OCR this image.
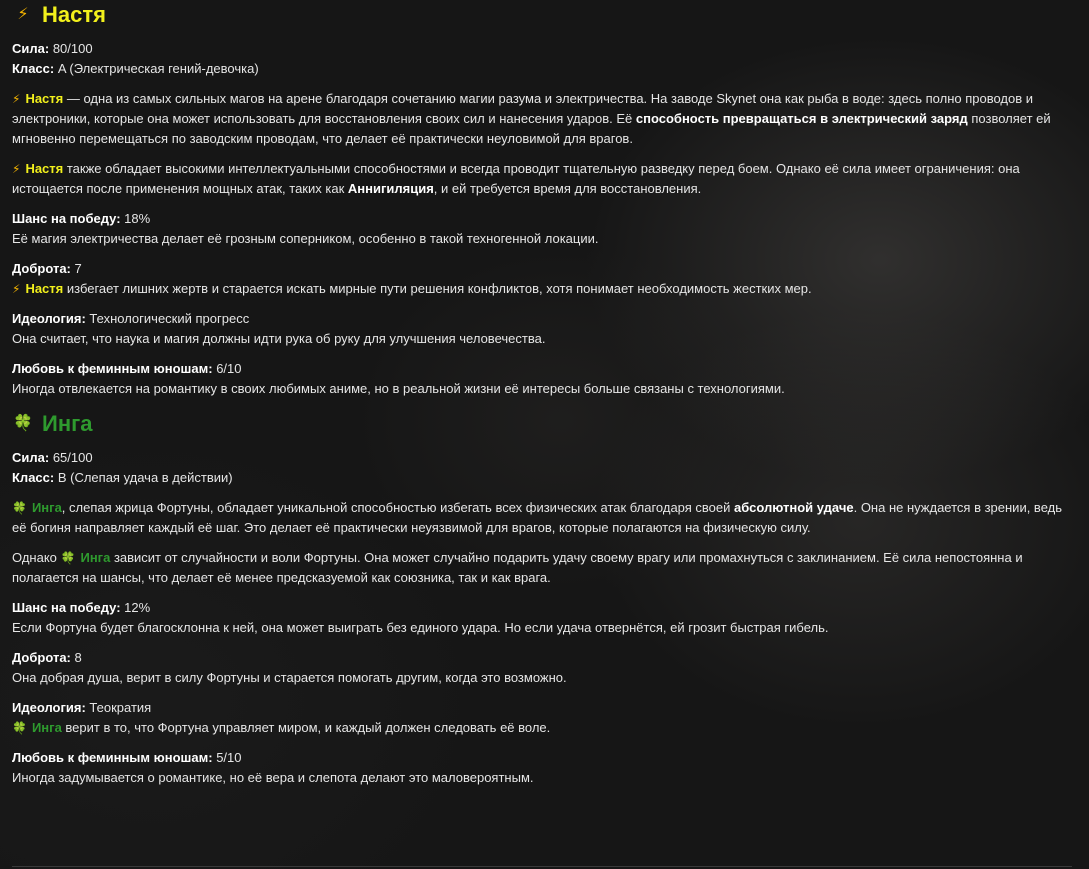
⚡ Настя

Сила: 80/100

Класс: A (Электрическая гений-девочка)

⚡ Настя — одна из самых сильных магов на арене благодаря сочетанию магии разума и электричества. На заводе Skynet она как рыба в воде: здесь полно проводов и электроники, которые она может использовать для восстановления своих сил и нанесения ударов. Её способность превращаться в электрический заряд позволяет ей мгновенно перемещаться по заводским проводам, что делает её практически неуловимой для врагов.

⚡ Настя также обладает высокими интеллектуальными способностями и всегда проводит тщательную разведку перед боем. Однако её сила имеет ограничения: она истощается после применения мощных атак, таких как Аннигиляция, и ей требуется время для восстановления.

Шанс на победу: 18%

Её магия электричества делает её грозным соперником, особенно в такой техногенной локации.

Доброта: 7

⚡ Настя избегает лишних жертв и старается искать мирные пути решения конфликтов, хотя понимает необходимость жестких мер.

Идеология: Технологический прогресс

Она считает, что наука и магия должны идти рука об руку для улучшения человечества.

Любовь к феминным юношам: 6/10

Иногда отвлекается на романтику в своих любимых аниме, но в реальной жизни её интересы больше связаны с технологиями.

🍀 Инга

Сила: 65/100

Класс: B (Слепая удача в действии)

🍀 Инга, слепая жрица Фортуны, обладает уникальной способностью избегать всех физических атак благодаря своей абсолютной удаче. Она не нуждается в зрении, ведь её богиня направляет каждый её шаг. Это делает её практически неуязвимой для врагов, которые полагаются на физическую силу.

Однако 🍀 Инга зависит от случайности и воли Фортуны. Она может случайно подарить удачу своему врагу или промахнуться с заклинанием. Её сила непостоянна и полагается на шансы, что делает её менее предсказуемой как союзника, так и как врага.

Шанс на победу: 12%

Если Фортуна будет благосклонна к ней, она может выиграть без единого удара. Но если удача отвернётся, ей грозит быстрая гибель.

Доброта: 8

Она добрая душа, верит в силу Фортуны и старается помогать другим, когда это возможно.

Идеология: Теократия

🍀 Инга верит в то, что Фортуна управляет миром, и каждый должен следовать её воле.

Любовь к феминным юношам: 5/10

Иногда задумывается о романтике, но её вера и слепота делают это маловероятным.
